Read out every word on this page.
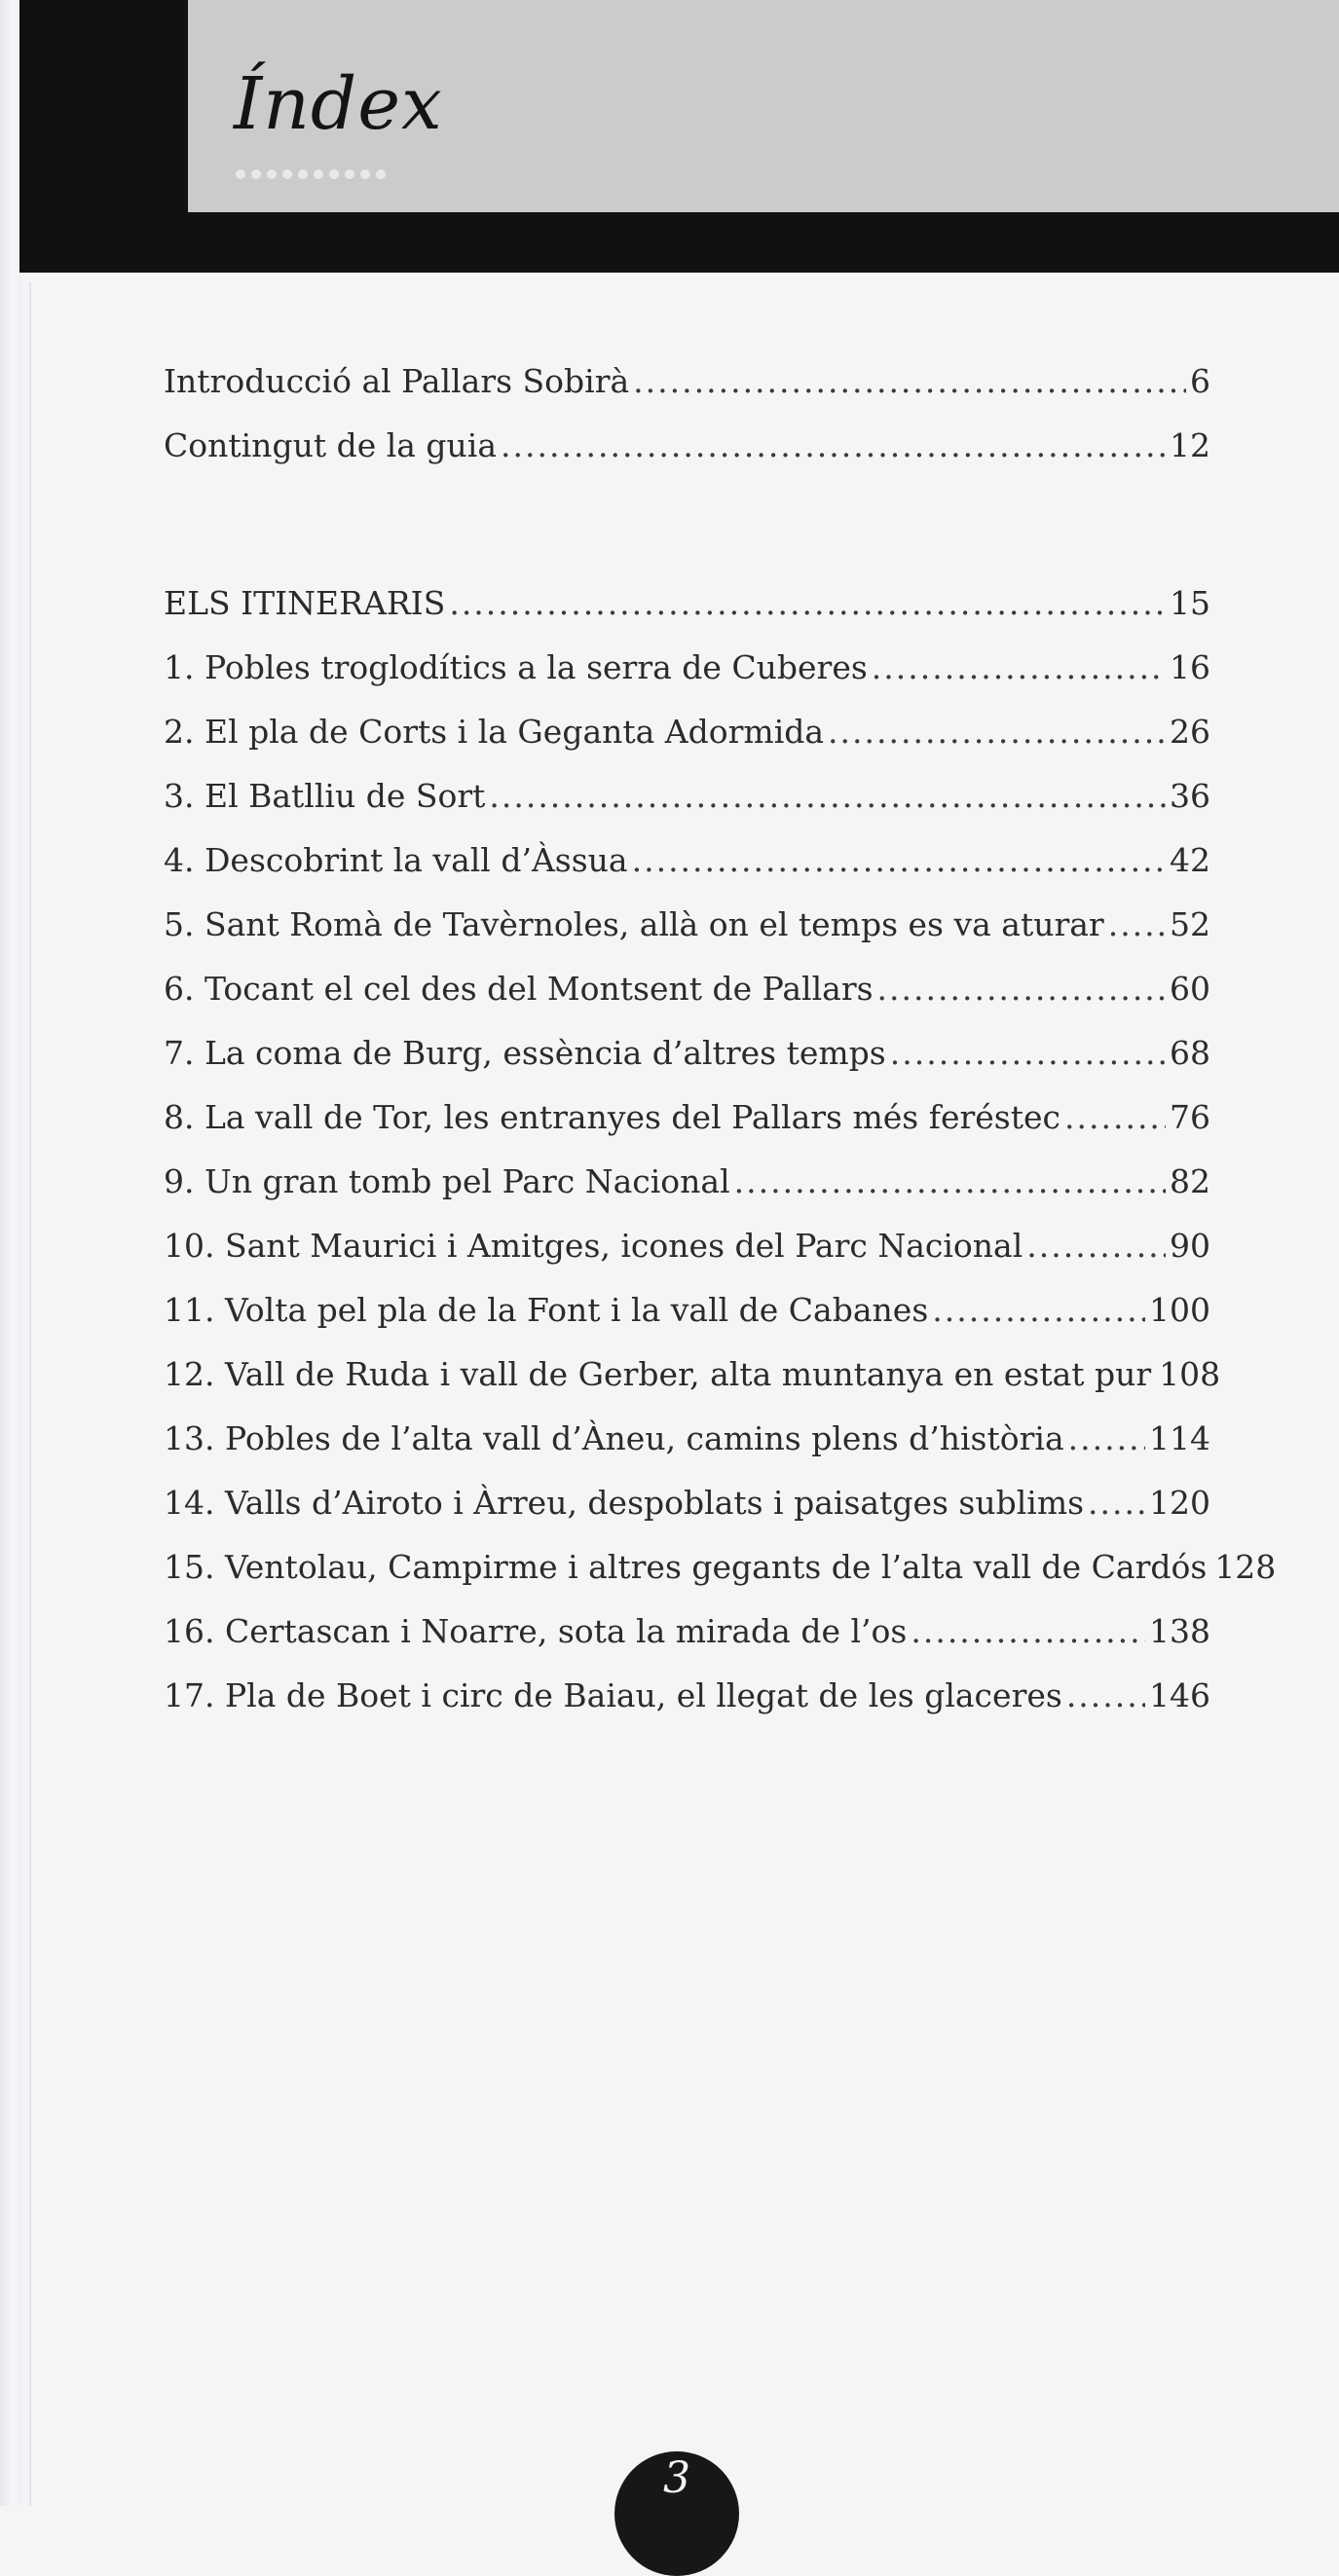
Índex
Introducció al Pallars Sobirà .....	6
Contingut de la guia .....	12
ELS ITINERARIS .....	15
1. Pobles troglodítics a la serra de Cuberes .....	16
2. El pla de Corts i la Geganta Adormida .....	26
3. El Batlliu de Sort .....	36
4. Descobrint la vall d’Àssua .....	42
5. Sant Romà de Tavèrnoles, allà on el temps es va aturar ..... 52
6. Tocant el cel des del Montsent de Pallars .....	60
7. La coma de Burg, essència d’altres temps .....	68
8. La vall de Tor, les entranyes del Pallars més feréstec .....	76
9. Un gran tomb pel Parc Nacional .....	82
10. Sant Maurici i Amitges, icones del Parc Nacional .....	90
11. Volta pel pla de la Font i la vall de Cabanes .....	100
12. Vall de Ruda i vall de Gerber, alta muntanya en estat pur 108
13. Pobles de l’alta vall d’Àneu, camins plens d’història .....	114
14. Valls d’Airoto i Àrreu, despoblats i paisatges sublims ..... 120
15. Ventolau, Campirme i altres gegants de l’alta vall de Cardós 128
16. Certascan i Noarre, sota la mirada de l’os .....	138
17. Pla de Boet i circ de Baiau, el llegat de les glaceres .....	146
3
